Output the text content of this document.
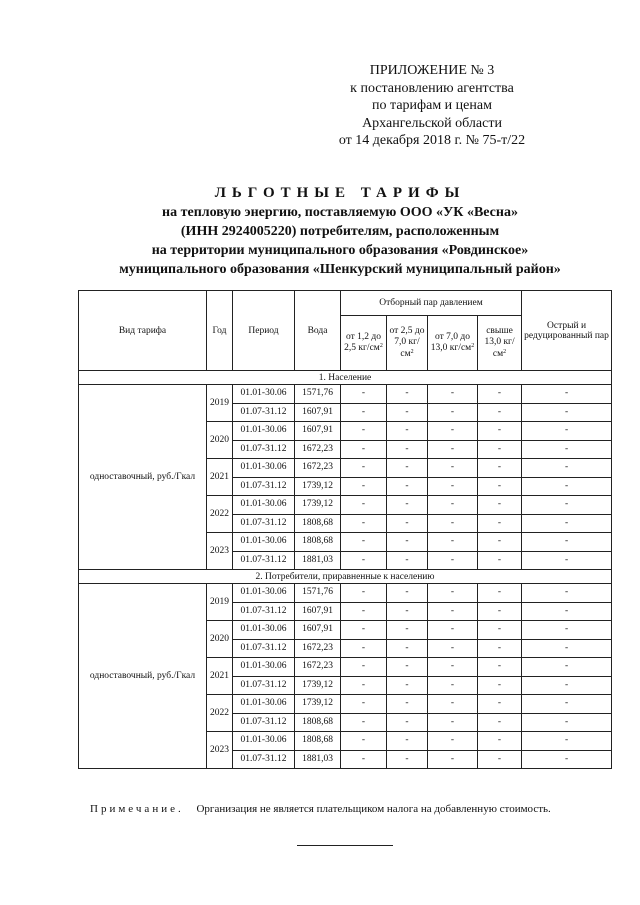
ПРИЛОЖЕНИЕ № 3
к постановлению агентства
по тарифам и ценам
Архангельской области
от 14 декабря 2018 г. № 75-т/22
ЛЬГОТНЫЕ ТАРИФЫ
на тепловую энергию, поставляемую ООО «УК «Весна»
(ИНН 2924005220) потребителям, расположенным
на территории муниципального образования «Ровдинское»
муниципального образования «Шенкурский муниципальный район»
Вид тарифа	Год	Период	Вода	Отборный пар давлением				Острый и редуцированный пар
				от 1,2 до 2,5 $кг/см^2$	от 2,5 до 7,0 $кг/см^2$	от 7,0 до 13,0 $кг/см^2$	свыше 13,0 $кг/см^2$
1. Население								
одноставочный, руб./Гкал	2019	01.01-30.06	1571,76	-	-	-	-	-
		01.07-31.12	1607,91	-	-	-	-	-
	2020	01.01-30.06	1607,91	-	-	-	-	-
		01.07-31.12	1672,23	-	-	-	-	-
	2021	01.01-30.06	1672,23	-	-	-	-	-
		01.07-31.12	1739,12	-	-	-	-	-
	2022	01.01-30.06	1739,12	-	-	-	-	-
		01.07-31.12	1808,68	-	-	-	-	-
	2023	01.01-30.06	1808,68	-	-	-	-	-
		01.07-31.12	1881,03	-	-	-	-	-
2. Потребители, приравненные к населению								
одноставочный, руб./Гкал	2019	01.01-30.06	1571,76	-	-	-	-	-
		01.07-31.12	1607,91	-	-	-	-	-
	2020	01.01-30.06	1607,91	-	-	-	-	-
		01.07-31.12	1672,23	-	-	-	-	-
	2021	01.01-30.06	1672,23	-	-	-	-	-
		01.07-31.12	1739,12	-	-	-	-	-
	2022	01.01-30.06	1739,12	-	-	-	-	-
		01.07-31.12	1808,68	-	-	-	-	-
	2023	01.01-30.06	1808,68	-	-	-	-	-
		01.07-31.12	1881,03	-	-	-	-	-
Примечание. Организация не является плательщиком налога на добавленную стоимость.
